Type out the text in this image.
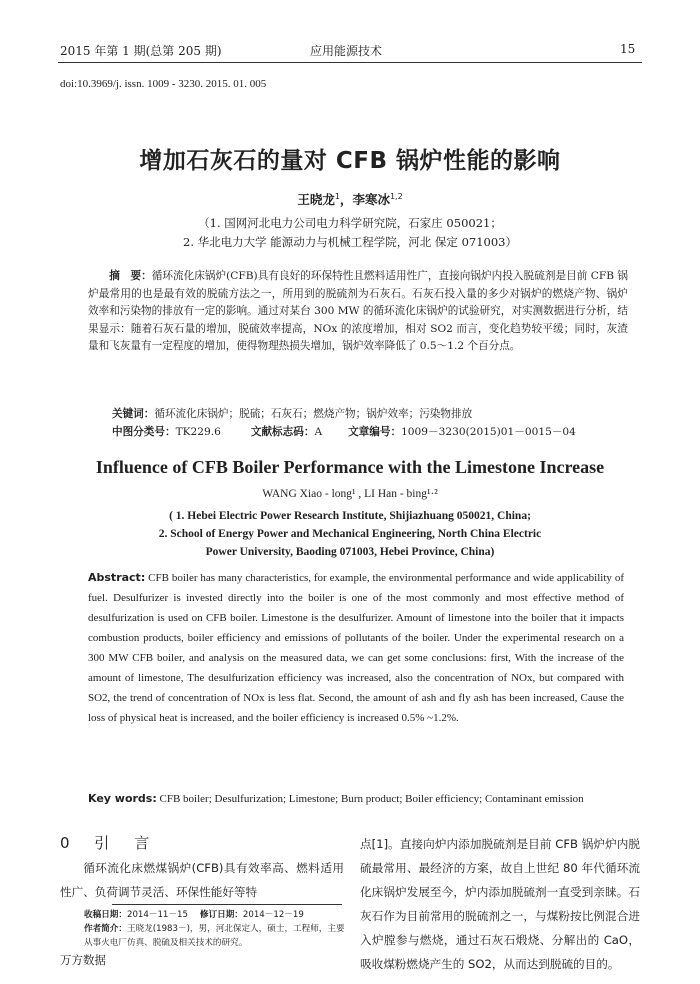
2015 年第 1 期(总第 205 期)	应用能源技术	15
doi:10.3969/j. issn. 1009 - 3230. 2015. 01. 005
增加石灰石的量对 CFB 锅炉性能的影响
王晓龙$^1$，李寒冰$^{1,2}$
（1. 国网河北电力公司电力科学研究院，石家庄 050021；
2. 华北电力大学 能源动力与机械工程学院，河北 保定 071003）
摘　要：循环流化床锅炉(CFB)具有良好的环保特性且燃料适用性广，直接向锅炉内投入脱硫剂是目前 CFB 锅炉最常用的也是最有效的脱硫方法之一，所用到的脱硫剂为石灰石。石灰石投入量的多少对锅炉的燃烧产物、锅炉效率和污染物的排放有一定的影响。通过对某台 300 MW 的循环流化床锅炉的试验研究，对实测数据进行分析，结果显示：随着石灰石量的增加，脱硫效率提高，NOx 的浓度增加，相对 SO2 而言，变化趋势较平缓；同时，灰渣量和飞灰量有一定程度的增加，使得物理热损失增加，锅炉效率降低了 0.5～1.2 个百分点。
关键词：循环流化床锅炉；脱硫；石灰石；燃烧产物；锅炉效率；污染物排放
中图分类号：TK229.6	文献标志码：A 文章编号：1009－3230(2015)01－0015－04
Influence of CFB Boiler Performance with the Limestone Increase
WANG Xiao - long¹ , LI Han - bing¹·²
( 1. Hebei Electric Power Research Institute, Shijiazhuang 050021, China;
2. School of Energy Power and Mechanical Engineering, North China Electric
Power University, Baoding 071003, Hebei Province, China)
Abstract: CFB boiler has many characteristics, for example, the environmental performance and wide applicability of fuel. Desulfurizer is invested directly into the boiler is one of the most commonly and most effective method of desulfurization is used on CFB boiler. Limestone is the desulfurizer. Amount of limestone into the boiler that it impacts combustion products, boiler efficiency and emissions of pollutants of the boiler. Under the experimental research on a 300 MW CFB boiler, and analysis on the measured data, we can get some conclusions: first, With the increase of the amount of limestone, The desulfurization efficiency was increased, also the concentration of NOx, but compared with SO2, the trend of concentration of NOx is less flat. Second, the amount of ash and fly ash has been increased, Cause the loss of physical heat is increased, and the boiler efficiency is increased 0.5% ~1.2%.
Key words: CFB boiler; Desulfurization; Limestone; Burn product; Boiler efficiency; Contaminant emission
0 引 言
循环流化床燃煤锅炉(CFB)具有效率高、燃料适用性广、负荷调节灵活、环保性能好等特
点[1]。直接向炉内添加脱硫剂是目前 CFB 锅炉炉内脱硫最常用、最经济的方案，故自上世纪 80 年代循环流化床锅炉发展至今，炉内添加脱硫剂一直受到亲睐。石灰石作为目前常用的脱硫剂之一，与煤粉按比例混合进入炉膛参与燃烧，通过石灰石煅烧、分解出的 CaO，吸收煤粉燃烧产生的 SO2，从而达到脱硫的目的。
收稿日期：2014－11－15 修订日期：2014－12－19
作者简介：王晓龙(1983－)，男，河北保定人，硕士，工程师，主要从事火电厂仿真、脱硫及相关技术的研究。
万方数据
